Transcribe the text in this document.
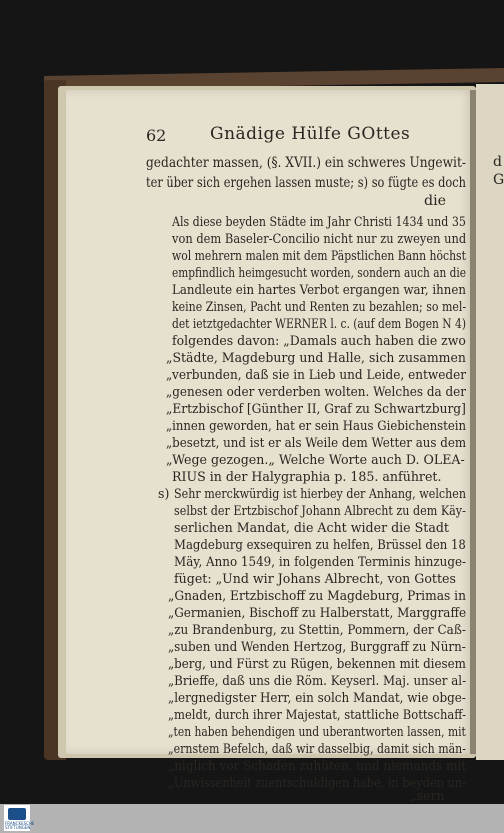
d
G
62	Gnädige Hülfe GOttes
gedachter massen, (§. XVII.) ein schweres Ungewit-
ter über sich ergehen lassen muste; s) so fügte es doch
die
Als diese beyden Städte im Jahr Christi 1434 und 35
von dem Baseler-Concilio nicht nur zu zweyen und
wol mehrern malen mit dem Päpstlichen Bann höchst
empfindlich heimgesucht worden, sondern auch an die
Landleute ein hartes Verbot ergangen war, ihnen
keine Zinsen, Pacht und Renten zu bezahlen; so mel-
det ietztgedachter WERNER l. c. (auf dem Bogen N 4)
folgendes davon: „Damals auch haben die zwo
„Städte, Magdeburg und Halle, sich zusammen
„verbunden, daß sie in Lieb und Leide, entweder
„genesen oder verderben wolten. Welches da der
„Ertzbischof [Günther II, Graf zu Schwartzburg]
„innen geworden, hat er sein Haus Giebichenstein
„besetzt, und ist er als Weile dem Wetter aus dem
„Wege gezogen.„ Welche Worte auch D. OLEA-
RIUS in der Halygraphia p. 185. anführet.
s) Sehr merckwürdig ist hierbey der Anhang, welchen
selbst der Ertzbischof Johann Albrecht zu dem Käy-
serlichen Mandat, die Acht wider die Stadt
Magdeburg exsequiren zu helfen, Brüssel den 18
Mäy, Anno 1549, in folgenden Terminis hinzuge-
füget: „Und wir Johans Albrecht, von Gottes
„Gnaden, Ertzbischoff zu Magdeburg, Primas in
„Germanien, Bischoff zu Halberstatt, Marggraffe
„zu Brandenburg, zu Stettin, Pommern, der Caß-
„suben und Wenden Hertzog, Burggraff zu Nürn-
„berg, und Fürst zu Rügen, bekennen mit diesem
„Brieffe, daß uns die Röm. Keyserl. Maj. unser al-
„lergnedigster Herr, ein solch Mandat, wie obge-
„meldt, durch ihrer Majestat, stattliche Bottschaff-
„ten haben behendigen und uberantworten lassen, mit
„ernstem Befelch, daß wir dasselbig, damit sich män-
„niglich vor Schaden zuhüten, und niemands mit
„Unwissenheit zuentschuldigen habe, in beyden un-
„sern
FRANCKESCHE STIFTUNGEN
